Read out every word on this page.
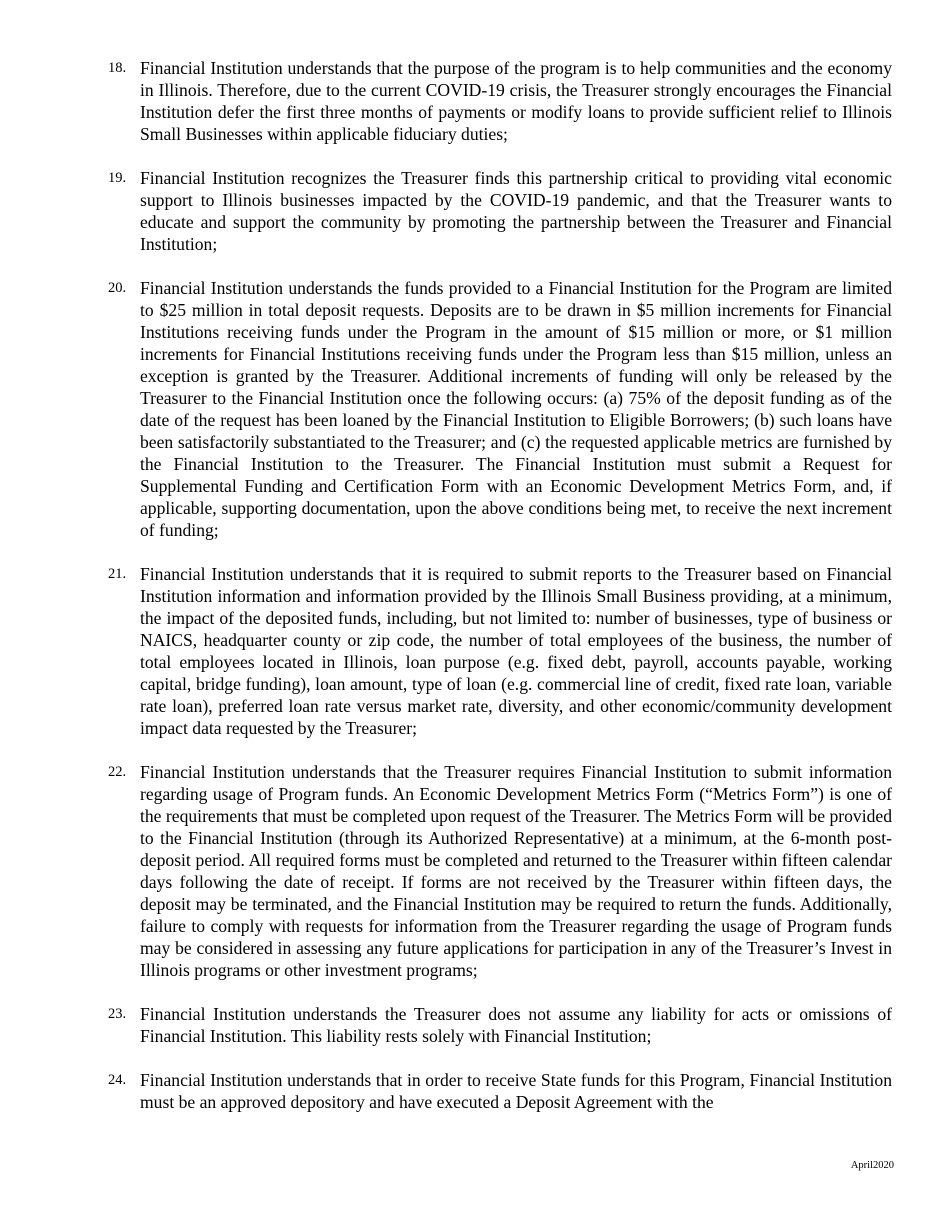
18. Financial Institution understands that the purpose of the program is to help communities and the economy in Illinois. Therefore, due to the current COVID-19 crisis, the Treasurer strongly encourages the Financial Institution defer the first three months of payments or modify loans to provide sufficient relief to Illinois Small Businesses within applicable fiduciary duties;
19. Financial Institution recognizes the Treasurer finds this partnership critical to providing vital economic support to Illinois businesses impacted by the COVID-19 pandemic, and that the Treasurer wants to educate and support the community by promoting the partnership between the Treasurer and Financial Institution;
20. Financial Institution understands the funds provided to a Financial Institution for the Program are limited to $25 million in total deposit requests. Deposits are to be drawn in $5 million increments for Financial Institutions receiving funds under the Program in the amount of $15 million or more, or $1 million increments for Financial Institutions receiving funds under the Program less than $15 million, unless an exception is granted by the Treasurer. Additional increments of funding will only be released by the Treasurer to the Financial Institution once the following occurs: (a) 75% of the deposit funding as of the date of the request has been loaned by the Financial Institution to Eligible Borrowers; (b) such loans have been satisfactorily substantiated to the Treasurer; and (c) the requested applicable metrics are furnished by the Financial Institution to the Treasurer. The Financial Institution must submit a Request for Supplemental Funding and Certification Form with an Economic Development Metrics Form, and, if applicable, supporting documentation, upon the above conditions being met, to receive the next increment of funding;
21. Financial Institution understands that it is required to submit reports to the Treasurer based on Financial Institution information and information provided by the Illinois Small Business providing, at a minimum, the impact of the deposited funds, including, but not limited to: number of businesses, type of business or NAICS, headquarter county or zip code, the number of total employees of the business, the number of total employees located in Illinois, loan purpose (e.g. fixed debt, payroll, accounts payable, working capital, bridge funding), loan amount, type of loan (e.g. commercial line of credit, fixed rate loan, variable rate loan), preferred loan rate versus market rate, diversity, and other economic/community development impact data requested by the Treasurer;
22. Financial Institution understands that the Treasurer requires Financial Institution to submit information regarding usage of Program funds. An Economic Development Metrics Form (“Metrics Form”) is one of the requirements that must be completed upon request of the Treasurer. The Metrics Form will be provided to the Financial Institution (through its Authorized Representative) at a minimum, at the 6-month post-deposit period. All required forms must be completed and returned to the Treasurer within fifteen calendar days following the date of receipt. If forms are not received by the Treasurer within fifteen days, the deposit may be terminated, and the Financial Institution may be required to return the funds. Additionally, failure to comply with requests for information from the Treasurer regarding the usage of Program funds may be considered in assessing any future applications for participation in any of the Treasurer’s Invest in Illinois programs or other investment programs;
23. Financial Institution understands the Treasurer does not assume any liability for acts or omissions of Financial Institution. This liability rests solely with Financial Institution;
24. Financial Institution understands that in order to receive State funds for this Program, Financial Institution must be an approved depository and have executed a Deposit Agreement with the
April2020
